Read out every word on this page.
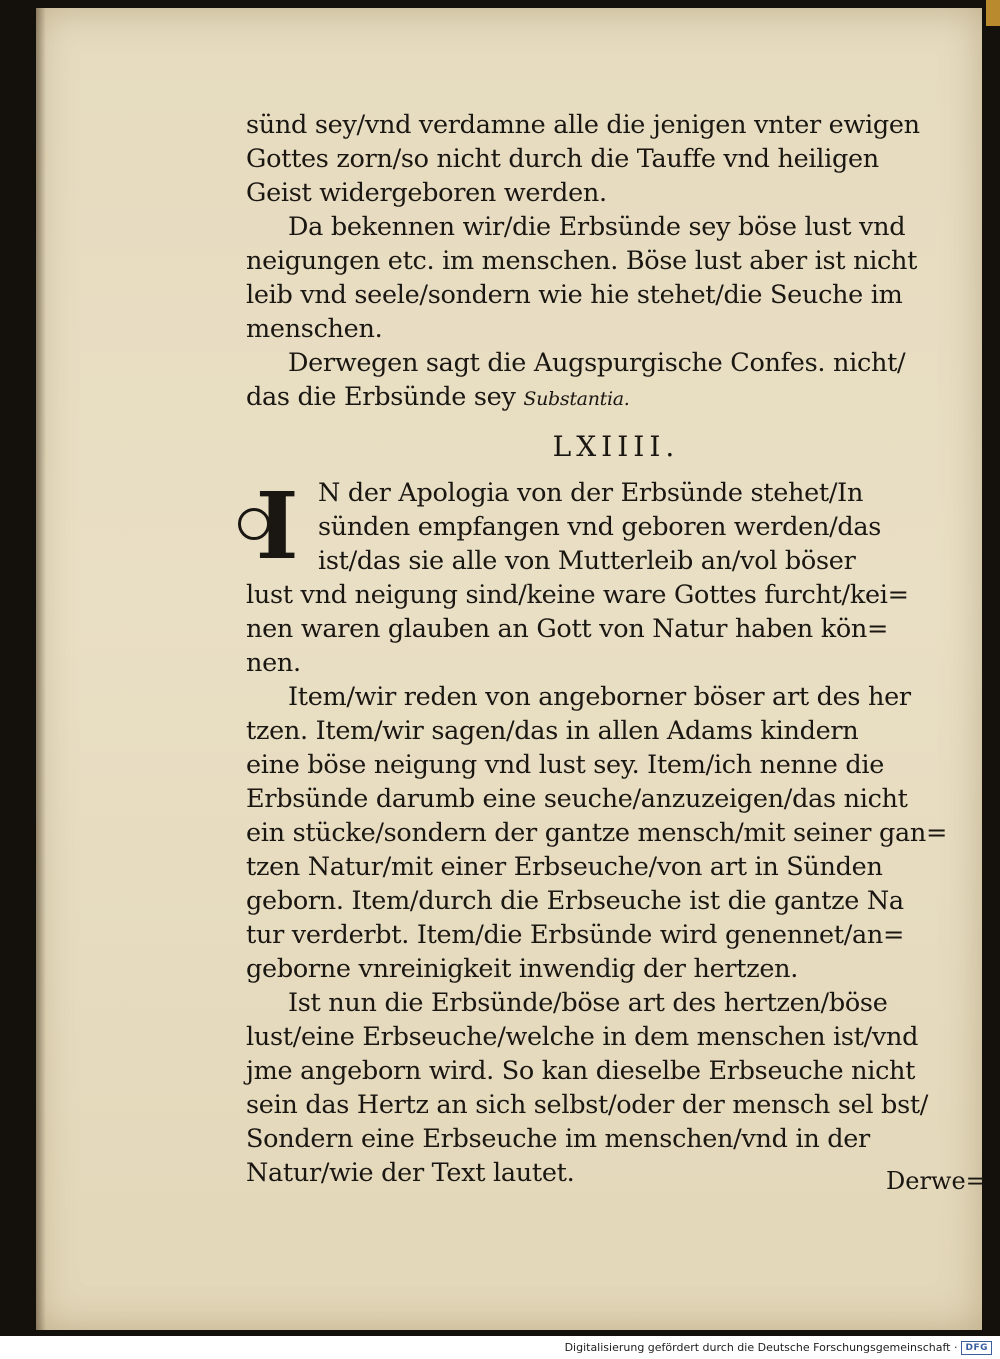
sünd sey/vnd verdamne alle die jenigen vnter ewigen
Gottes zorn/so nicht durch die Tauffe vnd heiligen
Geist widergeboren werden.
Da bekennen wir/die Erbsünde sey böse lust vnd
neigungen etc. im menschen. Böse lust aber ist nicht
leib vnd seele/sondern wie hie stehet/die Seuche im
menschen.
Derwegen sagt die Augspurgische Confes. nicht/
das die Erbsünde sey Substantia.
LXIIII.
I N der Apologia von der Erbsünde stehet/In
sünden empfangen vnd geboren werden/das
ist/das sie alle von Mutterleib an/vol böser
lust vnd neigung sind/keine ware Gottes furcht/kei=
nen waren glauben an Gott von Natur haben kön=
nen.
Item/wir reden von angeborner böser art des her
tzen. Item/wir sagen/das in allen Adams kindern
eine böse neigung vnd lust sey. Item/ich nenne die
Erbsünde darumb eine seuche/anzuzeigen/das nicht
ein stücke/sondern der gantze mensch/mit seiner gan=
tzen Natur/mit einer Erbseuche/von art in Sünden
geborn. Item/durch die Erbseuche ist die gantze Na
tur verderbt. Item/die Erbsünde wird genennet/an=
geborne vnreinigkeit inwendig der hertzen.
Ist nun die Erbsünde/böse art des hertzen/böse
lust/eine Erbseuche/welche in dem menschen ist/vnd
jme angeborn wird. So kan dieselbe Erbseuche nicht
sein das Hertz an sich selbst/oder der mensch sel bst/
Sondern eine Erbseuche im menschen/vnd in der
Natur/wie der Text lautet.	Derwe=
Digitalisierung gefördert durch die Deutsche Forschungsgemeinschaft · DFG
